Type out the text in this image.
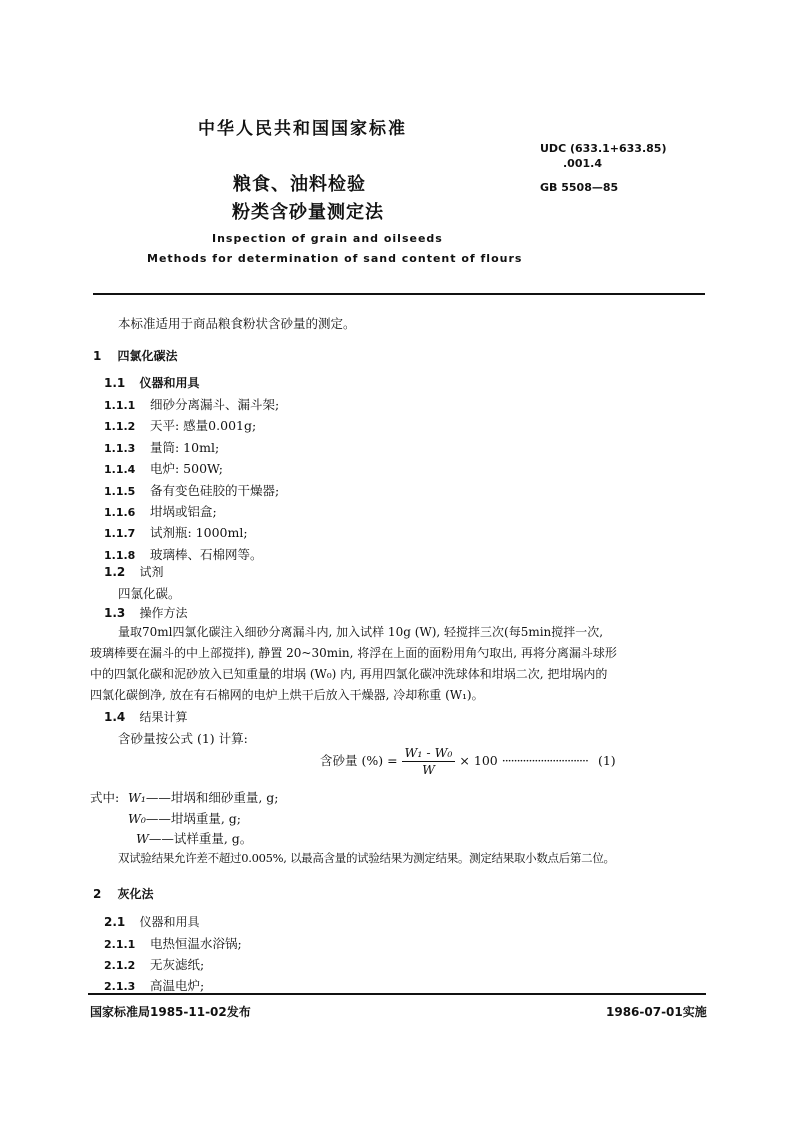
中华人民共和国国家标准
粮食、油料检验
粉类含砂量测定法
Inspection of grain and oilseeds
Methods for determination of sand content of flours
UDC (633.1+633.85)
.001.4
GB 5508—85
本标准适用于商品粮食粉状含砂量的测定。
1 四氯化碳法
1.1 仪器和用具
1.1.1 细砂分离漏斗、漏斗架;
1.1.2 天平: 感量0.001g;
1.1.3 量筒: 10ml;
1.1.4 电炉: 500W;
1.1.5 备有变色硅胶的干燥器;
1.1.6 坩埚或铝盒;
1.1.7 试剂瓶: 1000ml;
1.1.8 玻璃棒、石棉网等。
1.2 试剂
四氯化碳。
1.3 操作方法
量取70ml四氯化碳注入细砂分离漏斗内, 加入试样 10g (W), 轻搅拌三次(每5min搅拌一次,
玻璃棒要在漏斗的中上部搅拌), 静置 20~30min, 将浮在上面的面粉用角勺取出, 再将分离漏斗球形
中的四氯化碳和泥砂放入已知重量的坩埚 (W₀) 内, 再用四氯化碳冲洗球体和坩埚二次, 把坩埚内的
四氯化碳倒净, 放在有石棉网的电炉上烘干后放入干燥器, 冷却称重 (W₁)。
1.4 结果计算
含砂量按公式 (1) 计算:
含砂量 (%) = $\frac{\text{W₁ - W₀}}{W} \times 100$ ····························· (1)
式中: W₁——坩埚和细砂重量, g;
W₀——坩埚重量, g;
W——试样重量, g。
双试验结果允许差不超过0.005%, 以最高含量的试验结果为测定结果。测定结果取小数点后第二位。
2 灰化法
2.1 仪器和用具
2.1.1 电热恒温水浴锅;
2.1.2 无灰滤纸;
2.1.3 高温电炉;
国家标准局1985-11-02发布	1986-07-01实施
